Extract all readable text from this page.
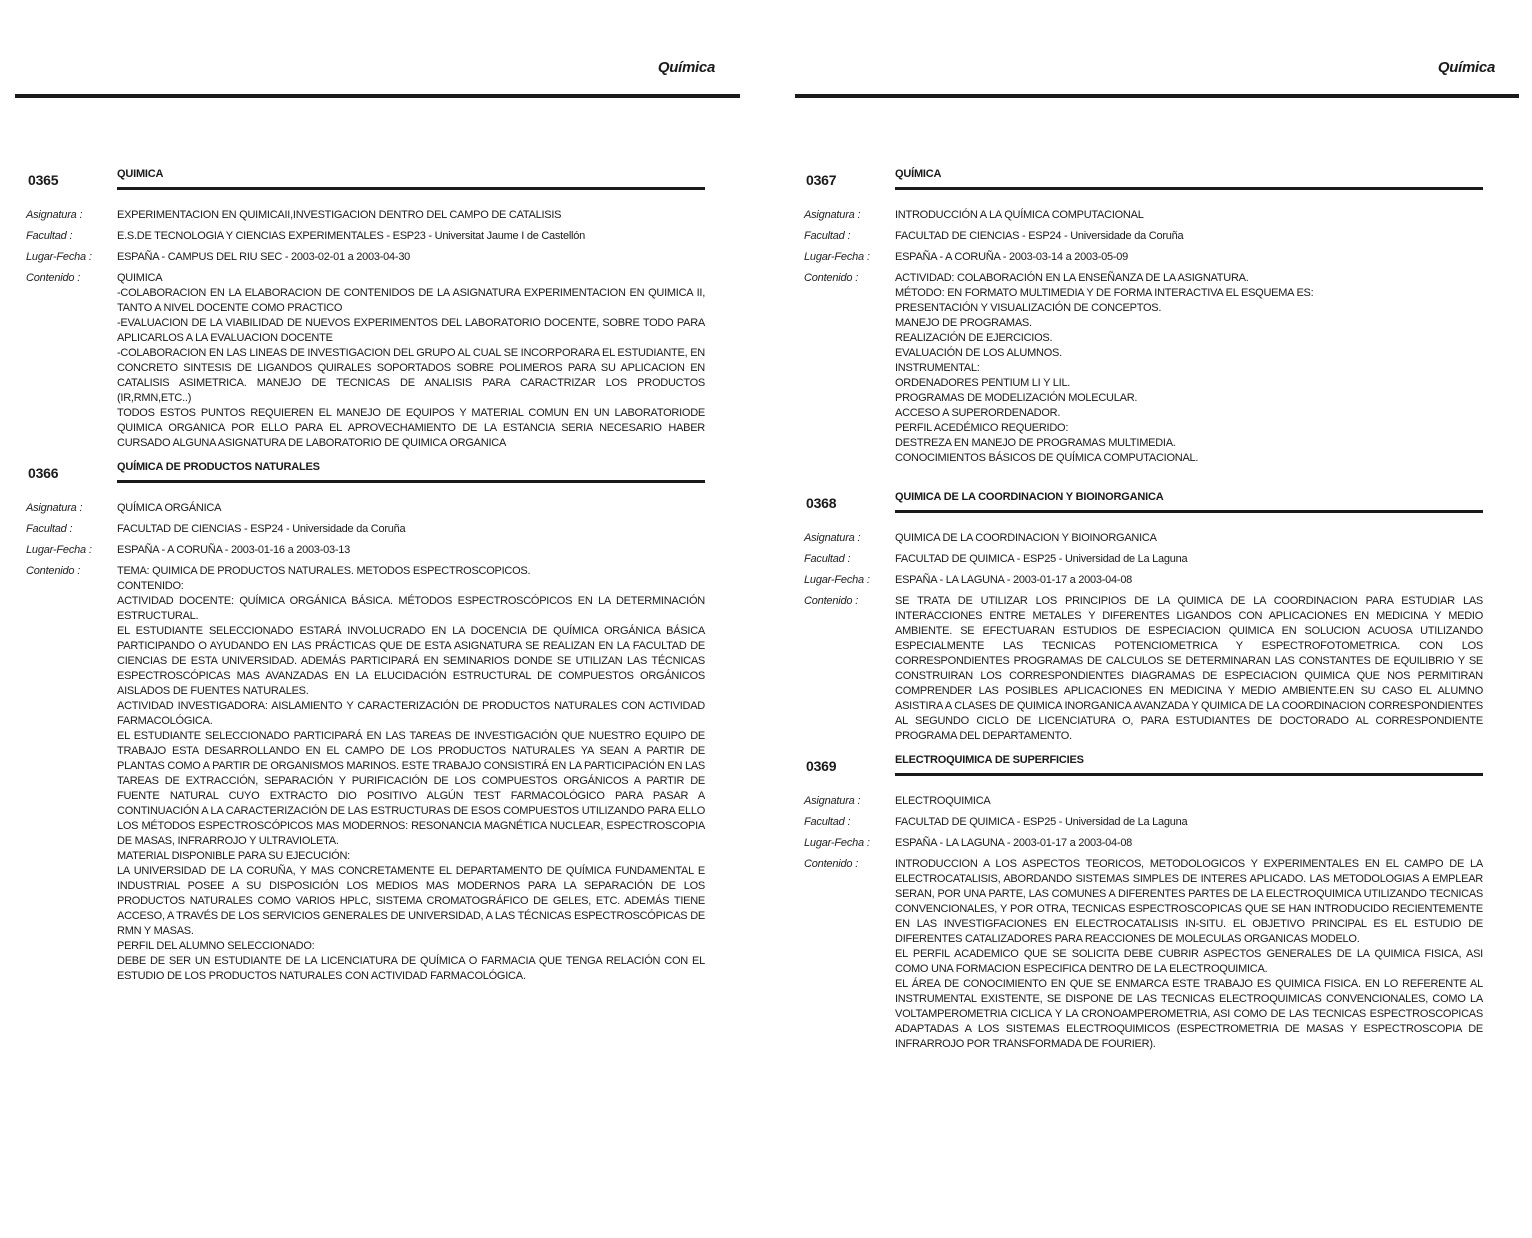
Química
0365	QUIMICA
Asignatura :	EXPERIMENTACION EN QUIMICAII,INVESTIGACION DENTRO DEL CAMPO DE CATALISIS
Facultad :	E.S.DE TECNOLOGIA Y CIENCIAS EXPERIMENTALES - ESP23 - Universitat Jaume I de Castellón
Lugar-Fecha :	ESPAÑA - CAMPUS DEL RIU SEC - 2003-02-01 a 2003-04-30
Contenido :	QUIMICA

-COLABORACION EN LA ELABORACION DE CONTENIDOS DE LA ASIGNATURA EXPERIMENTACION EN QUIMICA II, TANTO A NIVEL DOCENTE COMO PRACTICO

-EVALUACION DE LA VIABILIDAD DE NUEVOS EXPERIMENTOS DEL LABORATORIO DOCENTE, SOBRE TODO PARA APLICARLOS A LA EVALUACION DOCENTE

-COLABORACION EN LAS LINEAS DE INVESTIGACION DEL GRUPO AL CUAL SE INCORPORARA EL ESTUDIANTE, EN CONCRETO SINTESIS DE LIGANDOS QUIRALES SOPORTADOS SOBRE POLIMEROS PARA SU APLICACION EN CATALISIS ASIMETRICA. MANEJO DE TECNICAS DE ANALISIS PARA CARACTRIZAR LOS PRODUCTOS (IR,RMN,ETC..)

TODOS ESTOS PUNTOS REQUIEREN EL MANEJO DE EQUIPOS Y MATERIAL COMUN EN UN LABORATORIODE QUIMICA ORGANICA POR ELLO PARA EL APROVECHAMIENTO DE LA ESTANCIA SERIA NECESARIO HABER CURSADO ALGUNA ASIGNATURA DE LABORATORIO DE QUIMICA ORGANICA

0366	QUÍMICA DE PRODUCTOS NATURALES
Asignatura :	QUÍMICA ORGÁNICA
Facultad :	FACULTAD DE CIENCIAS - ESP24 - Universidade da Coruña
Lugar-Fecha :	ESPAÑA - A CORUÑA - 2003-01-16 a 2003-03-13
Contenido :	TEMA: QUIMICA DE PRODUCTOS NATURALES. METODOS ESPECTROSCOPICOS.

CONTENIDO:

ACTIVIDAD DOCENTE: QUÍMICA ORGÁNICA BÁSICA. MÉTODOS ESPECTROSCÓPICOS EN LA DETERMINACIÓN ESTRUCTURAL.

EL ESTUDIANTE SELECCIONADO ESTARÁ INVOLUCRADO EN LA DOCENCIA DE QUÍMICA ORGÁNICA BÁSICA PARTICIPANDO O AYUDANDO EN LAS PRÁCTICAS QUE DE ESTA ASIGNATURA SE REALIZAN EN LA FACULTAD DE CIENCIAS DE ESTA UNIVERSIDAD. ADEMÁS PARTICIPARÁ EN SEMINARIOS DONDE SE UTILIZAN LAS TÉCNICAS ESPECTROSCÓPICAS MAS AVANZADAS EN LA ELUCIDACIÓN ESTRUCTURAL DE COMPUESTOS ORGÁNICOS AISLADOS DE FUENTES NATURALES.

ACTIVIDAD INVESTIGADORA: AISLAMIENTO Y CARACTERIZACIÓN DE PRODUCTOS NATURALES CON ACTIVIDAD FARMACOLÓGICA.

EL ESTUDIANTE SELECCIONADO PARTICIPARÁ EN LAS TAREAS DE INVESTIGACIÓN QUE NUESTRO EQUIPO DE TRABAJO ESTA DESARROLLANDO EN EL CAMPO DE LOS PRODUCTOS NATURALES YA SEAN A PARTIR DE PLANTAS COMO A PARTIR DE ORGANISMOS MARINOS. ESTE TRABAJO CONSISTIRÁ EN LA PARTICIPACIÓN EN LAS TAREAS DE EXTRACCIÓN, SEPARACIÓN Y PURIFICACIÓN DE LOS COMPUESTOS ORGÁNICOS A PARTIR DE FUENTE NATURAL CUYO EXTRACTO DIO POSITIVO ALGÚN TEST FARMACOLÓGICO PARA PASAR A CONTINUACIÓN A LA CARACTERIZACIÓN DE LAS ESTRUCTURAS DE ESOS COMPUESTOS UTILIZANDO PARA ELLO LOS MÉTODOS ESPECTROSCÓPICOS MAS MODERNOS: RESONANCIA MAGNÉTICA NUCLEAR, ESPECTROSCOPIA DE MASAS, INFRARROJO Y ULTRAVIOLETA.

MATERIAL DISPONIBLE PARA SU EJECUCIÓN:

LA UNIVERSIDAD DE LA CORUÑA, Y MAS CONCRETAMENTE EL DEPARTAMENTO DE QUÍMICA FUNDAMENTAL E INDUSTRIAL POSEE A SU DISPOSICIÓN LOS MEDIOS MAS MODERNOS PARA LA SEPARACIÓN DE LOS PRODUCTOS NATURALES COMO VARIOS HPLC, SISTEMA CROMATOGRÁFICO DE GELES, ETC. ADEMÁS TIENE ACCESO, A TRAVÉS DE LOS SERVICIOS GENERALES DE UNIVERSIDAD, A LAS TÉCNICAS ESPECTROSCÓPICAS DE RMN Y MASAS.

PERFIL DEL ALUMNO SELECCIONADO:

DEBE DE SER UN ESTUDIANTE DE LA LICENCIATURA DE QUÍMICA O FARMACIA QUE TENGA RELACIÓN CON EL ESTUDIO DE LOS PRODUCTOS NATURALES CON ACTIVIDAD FARMACOLÓGICA.

Química
0367	QUÍMICA
Asignatura :	INTRODUCCIÓN A LA QUÍMICA COMPUTACIONAL
Facultad :	FACULTAD DE CIENCIAS - ESP24 - Universidade da Coruña
Lugar-Fecha :	ESPAÑA - A CORUÑA - 2003-03-14 a 2003-05-09
Contenido :	ACTIVIDAD: COLABORACIÓN EN LA ENSEÑANZA DE LA ASIGNATURA.

MÉTODO: EN FORMATO MULTIMEDIA Y DE FORMA INTERACTIVA EL ESQUEMA ES:

PRESENTACIÓN Y VISUALIZACIÓN DE CONCEPTOS.

MANEJO DE PROGRAMAS.

REALIZACIÓN DE EJERCICIOS.

EVALUACIÓN DE LOS ALUMNOS.

INSTRUMENTAL:

ORDENADORES PENTIUM LI Y LIL.

PROGRAMAS DE MODELIZACIÓN MOLECULAR.

ACCESO A SUPERORDENADOR.

PERFIL ACEDÉMICO REQUERIDO:

DESTREZA EN MANEJO DE PROGRAMAS MULTIMEDIA.

CONOCIMIENTOS BÁSICOS DE QUÍMICA COMPUTACIONAL.

0368	QUIMICA DE LA COORDINACION Y BIOINORGANICA
Asignatura :	QUIMICA DE LA COORDINACION Y BIOINORGANICA
Facultad :	FACULTAD DE QUIMICA - ESP25 - Universidad de La Laguna
Lugar-Fecha :	ESPAÑA - LA LAGUNA - 2003-01-17 a 2003-04-08
Contenido :	SE TRATA DE UTILIZAR LOS PRINCIPIOS DE LA QUIMICA DE LA COORDINACION PARA ESTUDIAR LAS INTERACCIONES ENTRE METALES Y DIFERENTES LIGANDOS CON APLICACIONES EN MEDICINA Y MEDIO AMBIENTE. SE EFECTUARAN ESTUDIOS DE ESPECIACION QUIMICA EN SOLUCION ACUOSA UTILIZANDO ESPECIALMENTE LAS TECNICAS POTENCIOMETRICA Y ESPECTROFOTOMETRICA. CON LOS CORRESPONDIENTES PROGRAMAS DE CALCULOS SE DETERMINARAN LAS CONSTANTES DE EQUILIBRIO Y SE CONSTRUIRAN LOS CORRESPONDIENTES DIAGRAMAS DE ESPECIACION QUIMICA QUE NOS PERMITIRAN COMPRENDER LAS POSIBLES APLICACIONES EN MEDICINA Y MEDIO AMBIENTE.EN SU CASO EL ALUMNO ASISTIRA A CLASES DE QUIMICA INORGANICA AVANZADA Y QUIMICA DE LA COORDINACION CORRESPONDIENTES AL SEGUNDO CICLO DE LICENCIATURA O, PARA ESTUDIANTES DE DOCTORADO AL CORRESPONDIENTE PROGRAMA DEL DEPARTAMENTO.

0369	ELECTROQUIMICA DE SUPERFICIES
Asignatura :	ELECTROQUIMICA
Facultad :	FACULTAD DE QUIMICA - ESP25 - Universidad de La Laguna
Lugar-Fecha :	ESPAÑA - LA LAGUNA - 2003-01-17 a 2003-04-08
Contenido :	INTRODUCCION A LOS ASPECTOS TEORICOS, METODOLOGICOS Y EXPERIMENTALES EN EL CAMPO DE LA ELECTROCATALISIS, ABORDANDO SISTEMAS SIMPLES DE INTERES APLICADO. LAS METODOLOGIAS A EMPLEAR SERAN, POR UNA PARTE, LAS COMUNES A DIFERENTES PARTES DE LA ELECTROQUIMICA UTILIZANDO TECNICAS CONVENCIONALES, Y POR OTRA, TECNICAS ESPECTROSCOPICAS QUE SE HAN INTRODUCIDO RECIENTEMENTE EN LAS INVESTIGFACIONES EN ELECTROCATALISIS IN-SITU. EL OBJETIVO PRINCIPAL ES EL ESTUDIO DE DIFERENTES CATALIZADORES PARA REACCIONES DE MOLECULAS ORGANICAS MODELO.

EL PERFIL ACADEMICO QUE SE SOLICITA DEBE CUBRIR ASPECTOS GENERALES DE LA QUIMICA FISICA, ASI COMO UNA FORMACION ESPECIFICA DENTRO DE LA ELECTROQUIMICA.

EL ÁREA DE CONOCIMIENTO EN QUE SE ENMARCA ESTE TRABAJO ES QUIMICA FISICA. EN LO REFERENTE AL INSTRUMENTAL EXISTENTE, SE DISPONE DE LAS TECNICAS ELECTROQUIMICAS CONVENCIONALES, COMO LA VOLTAMPEROMETRIA CICLICA Y LA CRONOAMPEROMETRIA, ASI COMO DE LAS TECNICAS ESPECTROSCOPICAS ADAPTADAS A LOS SISTEMAS ELECTROQUIMICOS (ESPECTROMETRIA DE MASAS Y ESPECTROSCOPIA DE INFRARROJO POR TRANSFORMADA DE FOURIER).
